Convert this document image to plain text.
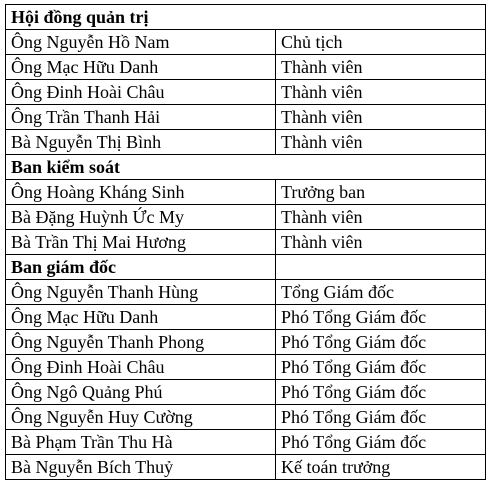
Hội đồng quản trị	
Ông Nguyễn Hồ Nam	Chủ tịch
Ông Mạc Hữu Danh	Thành viên
Ông Đinh Hoài Châu	Thành viên
Ông Trần Thanh Hải	Thành viên
Bà Nguyễn Thị Bình	Thành viên
Ban kiểm soát	
Ông Hoàng Kháng Sinh	Trưởng ban
Bà Đặng Huỳnh Ức My	Thành viên
Bà Trần Thị Mai Hương	Thành viên
Ban giám đốc	
Ông Nguyễn Thanh Hùng	Tổng Giám đốc
Ông Mạc Hữu Danh	Phó Tổng Giám đốc
Ông Nguyễn Thanh Phong	Phó Tổng Giám đốc
Ông Đinh Hoài Châu	Phó Tổng Giám đốc
Ông Ngô Quảng Phú	Phó Tổng Giám đốc
Ông Nguyễn Huy Cường	Phó Tổng Giám đốc
Bà Phạm Trần Thu Hà	Phó Tổng Giám đốc
Bà Nguyễn Bích Thuỷ	Kế toán trưởng
